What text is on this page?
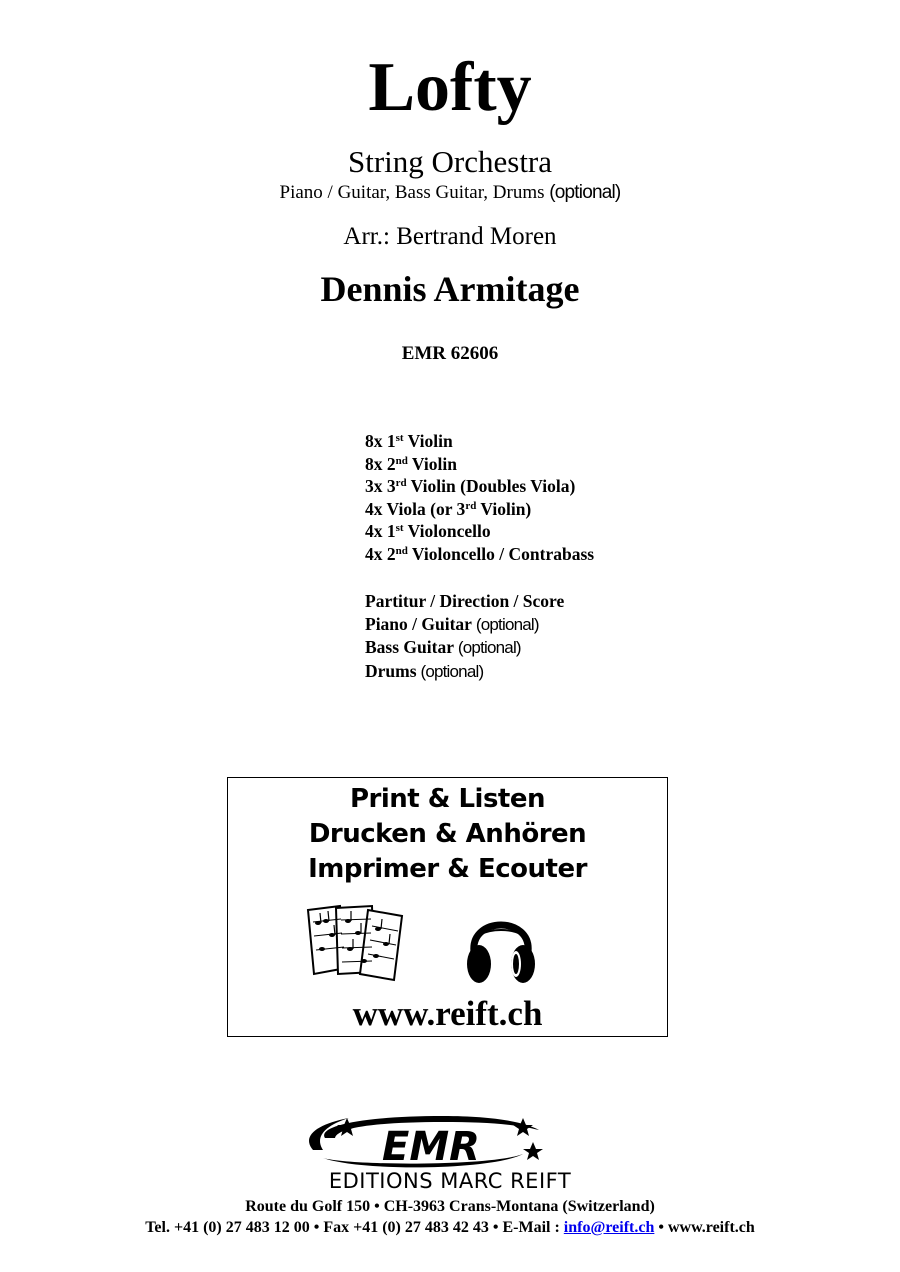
Lofty
String Orchestra
Piano / Guitar, Bass Guitar, Drums (optional)
Arr.: Bertrand Moren
Dennis Armitage
EMR 62606
8x 1st Violin
8x 2nd Violin
3x 3rd Violin (Doubles Viola)
4x Viola (or 3rd Violin)
4x 1st Violoncello
4x 2nd Violoncello / Contrabass
Partitur / Direction / Score
Piano / Guitar (optional)
Bass Guitar (optional)
Drums (optional)
Print & Listen
Drucken & Anhören
Imprimer & Ecouter
www.reift.ch
EMR
EDITIONS MARC REIFT
Route du Golf 150 • CH-3963 Crans-Montana (Switzerland)
Tel. +41 (0) 27 483 12 00 • Fax +41 (0) 27 483 42 43 • E-Mail : info@reift.ch • www.reift.ch
